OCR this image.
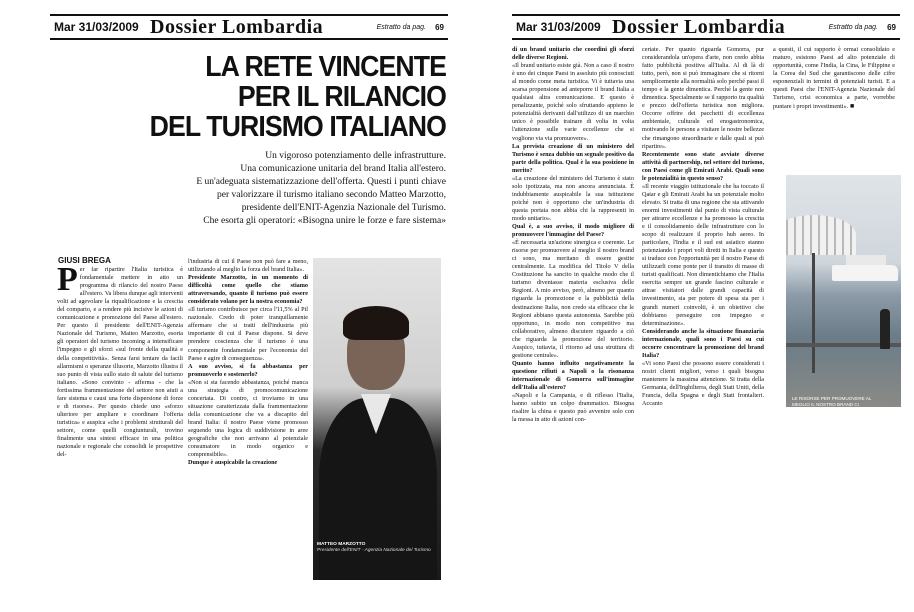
Mar 31/03/2009 Dossier Lombardia	Estratto da pag.	69
LA RETE VINCENTE
PER IL RILANCIO
DEL TURISMO ITALIANO
Un vigoroso potenziamento delle infrastrutture.
Una comunicazione unitaria del brand Italia all'estero.
E un'adeguata sistematizzazione dell'offerta. Questi i punti chiave
per valorizzare il turismo italiano secondo Matteo Marzotto,
presidente dell'ENIT-Agenzia Nazionale del Turismo.
Che esorta gli operatori: «Bisogna unire le forze e fare sistema»
GIUSI BREGA
P er far ripartire l'Italia turistica è fondamentale mettere in atto un programma di rilancio del nostro Paese all'estero. Va libera dunque agli interventi volti ad agevolare la riqualificazione e la crescita del comparto, e a rendere più incisive le azioni di comunicazione e promozione del Paese all'estero. Per questo il presidente dell'ENIT-Agenzia Nazionale del Turismo, Matteo Marzotto, esorta gli operatori del turismo incoming a intensificare l'impegno e gli sforzi «sul fronte della qualità e della competitività». Senza farsi tentare da facili allarmismi o speranze illusorie, Marzotto illustra il suo punto di vista sullo stato di salute del turismo italiano. «Sono convinto - afferma - che la fortissima frammentazione del settore non aiuti a fare sistema e causi una forte dispersione di forze e di risorse». Per questo chiede uno «sforzo ulteriore per ampliare e coordinare l'offerta turistica» e auspica «che i problemi strutturali del settore, come quelli congiunturali, trovino finalmente una sintesi efficace in una politica nazionale e regionale che consolidi le prospettive del-

l'industria di cui il Paese non può fare a meno, utilizzando al meglio la forza del brand Italia».

Presidente Marzotto, in un momento di difficoltà come quello che stiamo attraversando, quanto il turismo può essere considerato volano per la nostra economia?

«Il turismo contribuisce per circa l'11,5% al Pil nazionale. Credo di poter tranquillamente affermare che si tratti dell'industria più importante di cui il Paese dispone. Si deve prendere coscienza che il turismo è una componente fondamentale per l'economia del Paese e agire di conseguenza».

A suo avviso, si fa abbastanza per promuoverlo e sostenerlo?

«Non si sta facendo abbastanza, poiché manca una strategia di promocomunicazione concertata. Di contro, ci troviamo in una situazione caratterizzata dalla frammentazione della comunicazione che va a discapito del brand Italia: il nostro Paese viene promosso seguendo una logica di suddivisione in aree geografiche che non arrivano al potenziale consumatore in modo organico e comprensibile».

Dunque è auspicabile la creazione

MATTEO MARZOTTO
Presidente dell'ENIT - Agenzia Nazionale del Turismo
Mar 31/03/2009 Dossier Lombardia	Estratto da pag.	69

di un brand unitario che coordini gli sforzi delle diverse Regioni.

«Il brand unitario esiste già. Non a caso il nostro è uno dei cinque Paesi in assoluto più conosciuti al mondo come meta turistica. Vi è tuttavia una scarsa propensione ad anteporre il brand Italia a qualsiasi altra comunicazione. E questo è penalizzante, poiché solo sfruttando appieno le potenzialità derivanti dall'utilizzo di un marchio unico è possibile trainare di volta in volta l'attenzione sulle varie eccellenze che si vogliono via via promuovere».

La prevista creazione di un ministero del Turismo è senza dubbio un segnale positivo da parte della politica. Qual è la sua posizione in merito?

«La creazione del ministero del Turismo è stato solo ipotizzata, ma non ancora annunciata. È indubbiamente auspicabile la sua istituzione poiché non è opportuno che un'industria di questa portata non abbia chi la rappresenti in modo unitario».

Qual è, a suo avviso, il modo migliore di promuovere l'immagine del Paese?

«È necessaria un'azione sinergica e coerente. Le risorse per promuovere al meglio il nostro brand ci sono, ma meritano di essere gestite centralmente. La modifica del Titolo V della Costituzione ha sancito in qualche modo che il turismo diventasse materia esclusiva delle Regioni. A mio avviso, però, almeno per quanto riguarda la promozione e la pubblicità della destinazione Italia, non credo sia efficace che le Regioni abbiano questa autonomia. Sarebbe più opportuno, in modo non competitivo ma collaborativo, almeno discutere riguardo a ciò che riguarda la promozione del territorio. Auspico, tuttavia, il ritorno ad una struttura di gestione centrale».

Quanto hanno influito negativamente la questione rifiuti a Napoli o la risonanza internazionale di Gomorra sull'immagine dell'Italia all'estero?

«Napoli e la Campania, e di riflesso l'Italia, hanno subito un colpo drammatico. Bisogna risalire la china e questo può avvenire solo con la messa in atto di azioni con-

certate. Per quanto riguarda Gomorra, pur considerandola un'opera d'arte, non credo abbia fatto pubblicità positiva all'Italia. Al di là di tutto, però, non si può immaginare che si ritorni semplicemente alla normalità solo perché passi il tempo e la gente dimentica. Perché la gente non dimentica. Specialmente se il rapporto tra qualità e prezzo dell'offerta turistica non migliora. Occorre offrire dei pacchetti di eccellenza ambientale, culturale ed enogastronomica, motivando le persone a visitare le nostre bellezze che rimangono straordinarie e dalle quali si può ripartire».

Recentemente sono state avviate diverse attività di partnership, nel settore del turismo, con Paesi come gli Emirati Arabi. Quali sono le potenzialità in questo senso?

«Il recente viaggio istituzionale che ha toccato il Qatar e gli Emirati Arabi ha un potenziale molto elevato. Si tratta di una regione che sta attivando enormi investimenti dal punto di vista culturale per attrarre eccellenze e ha promosso la crescita e il consolidamento delle infrastrutture con lo scopo di realizzare il proprio hub aereo. In particolare, l'India e il sud est asiatico stanno potenziando i propri voli diretti in Italia e questo si traduce con l'opportunità per il nostro Paese di utilizzarli come ponte per il transito di masse di turisti qualificati. Non dimentichiamo che l'Italia esercita sempre un grande fascino culturale e attrae visitatori dalle grandi capacità di investimento, sia per potere di spesa sia per i grandi numeri coinvolti, è un obiettivo che dobbiamo perseguire con impegno e determinazione».

Considerando anche la situazione finanziaria internazionale, quali sono i Paesi su cui occorre concentrare la promozione del brand Italia?

«Vi sono Paesi che possono essere considerati i nostri clienti migliori, verso i quali bisogna mantenere la massima attenzione. Si tratta della Germania, dell'Inghilterra, degli Stati Uniti, della Francia, della Spagna e degli Stati frontalieri. Accanto

a questi, il cui rapporto è ormai consolidato e maturo, esistono Paesi ad alto potenziale di opportunità, come l'India, la Cina, le Filippine e la Corea del Sud che garantiscono delle cifre esponenziali in termini di potenziali turisti. E a questi Paesi che l'ENIT-Agenzia Nazionale del Turismo, crisi economica a parte, vorrebbe puntare i propri investimenti». ■

LE RISORSE PER PROMUOVERE AL MEGLIO IL NOSTRO BRAND CI SONO, MA MERITANO DI ESSERE GESTITE CENTRALMENTE
